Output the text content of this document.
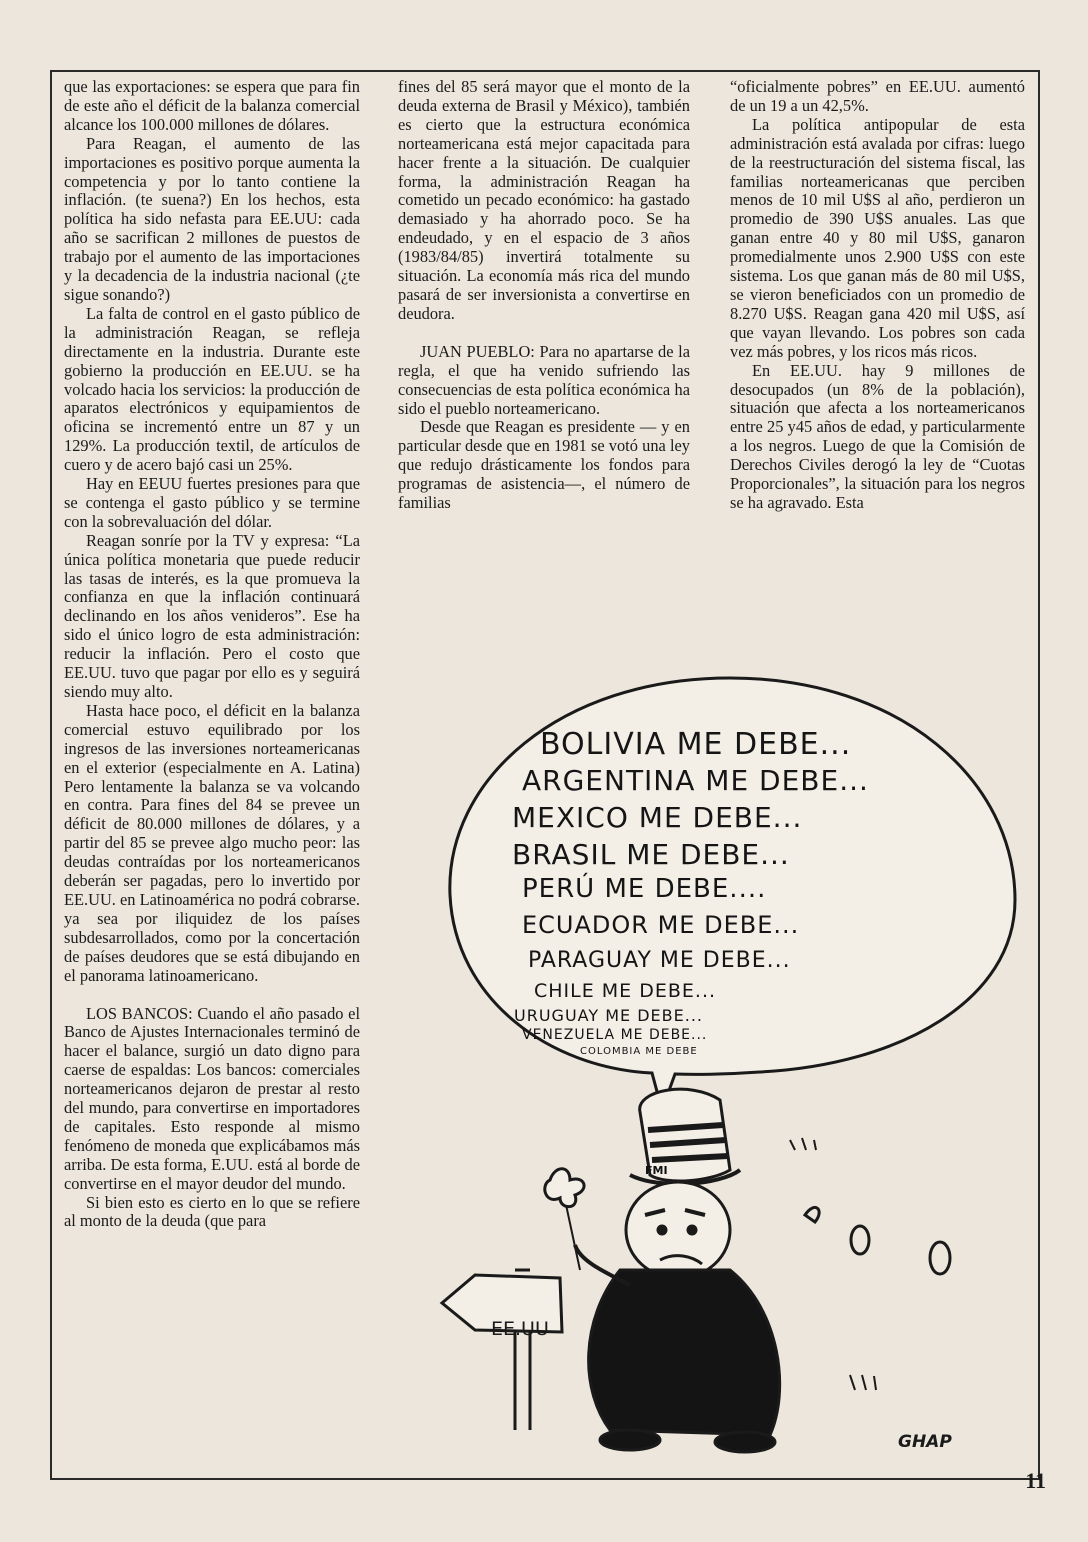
que las exportaciones: se espera que para fin de este año el déficit de la balanza comercial alcance los 100.000 millones de dólares.

Para Reagan, el aumento de las importaciones es positivo porque aumenta la competencia y por lo tanto contiene la inflación. (te suena?) En los hechos, esta política ha sido nefasta para EE.UU: cada año se sacrifican 2 millones de puestos de trabajo por el aumento de las importaciones y la decadencia de la industria nacional (¿te sigue sonando?)

La falta de control en el gasto público de la administración Reagan, se refleja directamente en la industria. Durante este gobierno la producción en EE.UU. se ha volcado hacia los servicios: la producción de aparatos electrónicos y equipamientos de oficina se incrementó entre un 87 y un 129%. La producción textil, de artículos de cuero y de acero bajó casi un 25%.

Hay en EEUU fuertes presiones para que se contenga el gasto público y se termine con la sobrevaluación del dólar.

Reagan sonríe por la TV y expresa: “La única política monetaria que puede reducir las tasas de interés, es la que promueva la confianza en que la inflación continuará declinando en los años venideros”. Ese ha sido el único logro de esta administración: reducir la inflación. Pero el costo que EE.UU. tuvo que pagar por ello es y seguirá siendo muy alto.

Hasta hace poco, el déficit en la balanza comercial estuvo equilibrado por los ingresos de las inversiones norteamericanas en el exterior (especialmente en A. Latina) Pero lentamente la balanza se va volcando en contra. Para fines del 84 se prevee un déficit de 80.000 millones de dólares, y a partir del 85 se prevee algo mucho peor: las deudas contraídas por los norteamericanos deberán ser pagadas, pero lo invertido por EE.UU. en Latinoamérica no podrá cobrarse. ya sea por iliquidez de los países subdesarrollados, como por la concertación de países deudores que se está dibujando en el panorama latinoamericano.

LOS BANCOS: Cuando el año pasado el Banco de Ajustes Internacionales terminó de hacer el balance, surgió un dato digno para caerse de espaldas: Los bancos: comerciales norteamericanos dejaron de prestar al resto del mundo, para convertirse en importadores de capitales. Esto responde al mismo fenómeno de moneda que explicábamos más arriba. De esta forma, E.UU. está al borde de convertirse en el mayor deudor del mundo.

Si bien esto es cierto en lo que se refiere al monto de la deuda (que para

fines del 85 será mayor que el monto de la deuda externa de Brasil y México), también es cierto que la estructura económica norteamericana está mejor capacitada para hacer frente a la situación. De cualquier forma, la administración Reagan ha cometido un pecado económico: ha gastado demasiado y ha ahorrado poco. Se ha endeudado, y en el espacio de 3 años (1983/84/85) invertirá totalmente su situación. La economía más rica del mundo pasará de ser inversionista a convertirse en deudora.

JUAN PUEBLO: Para no apartarse de la regla, el que ha venido sufriendo las consecuencias de esta política económica ha sido el pueblo norteamericano.

Desde que Reagan es presidente — y en particular desde que en 1981 se votó una ley que redujo drásticamente los fondos para programas de asistencia—, el número de familias

“oficialmente pobres” en EE.UU. aumentó de un 19 a un 42,5%.

La política antipopular de esta administración está avalada por cifras: luego de la reestructuración del sistema fiscal, las familias norteamericanas que perciben menos de 10 mil U$S al año, perdieron un promedio de 390 U$S anuales. Las que ganan entre 40 y 80 mil U$S, ganaron promedialmente unos 2.900 U$S con este sistema. Los que ganan más de 80 mil U$S, se vieron beneficiados con un promedio de 8.270 U$S. Reagan gana 420 mil U$S, así que vayan llevando. Los pobres son cada vez más pobres, y los ricos más ricos.

En EE.UU. hay 9 millones de desocupados (un 8% de la población), situación que afecta a los norteamericanos entre 25 y45 años de edad, y particularmente a los negros. Luego de que la Comisión de Derechos Civiles derogó la ley de “Cuotas Proporcionales”, la situación para los negros se ha agravado. Esta

BOLIVIA ME DEBE...
ARGENTINA ME DEBE...
MEXICO ME DEBE...
BRASIL ME DEBE...
PERÚ ME DEBE....
ECUADOR ME DEBE...
PARAGUAY ME DEBE...
CHILE ME DEBE...
URUGUAY ME DEBE...
VENEZUELA ME DEBE...
COLOMBIA ME DEBE
EE.UU
FMI
GHAP
11
